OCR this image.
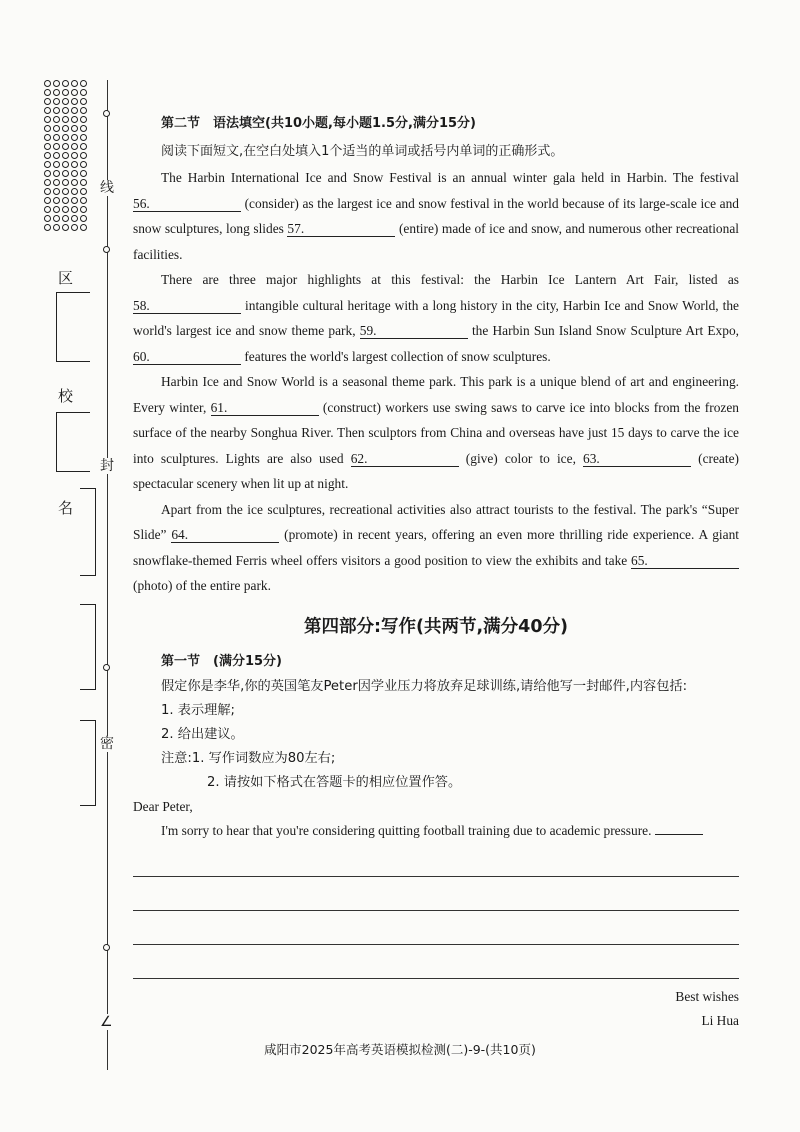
线
封
密
∠
区
校
名

第二节　语法填空(共10小题,每小题1.5分,满分15分)

阅读下面短文,在空白处填入1个适当的单词或括号内单词的正确形式。

The Harbin International Ice and Snow Festival is an annual winter gala held in Harbin. The festival 56.	(consider) as the largest ice and snow festival in the world because of its large-scale ice and snow sculptures, long slides 57.	(entire) made of ice and snow, and numerous other recreational facilities.

There are three major highlights at this festival: the Harbin Ice Lantern Art Fair, listed as 58.	intangible cultural heritage with a long history in the city, Harbin Ice and Snow World, the world's largest ice and snow theme park, 59.	the Harbin Sun Island Snow Sculpture Art Expo, 60.	features the world's largest collection of snow sculptures.

Harbin Ice and Snow World is a seasonal theme park. This park is a unique blend of art and engineering. Every winter, 61.	(construct) workers use swing saws to carve ice into blocks from the frozen surface of the nearby Songhua River. Then sculptors from China and overseas have just 15 days to carve the ice into sculptures. Lights are also used 62.	(give) color to ice, 63.	(create) spectacular scenery when lit up at night.

Apart from the ice sculptures, recreational activities also attract tourists to the festival. The park's “Super Slide” 64.	(promote) in recent years, offering an even more thrilling ride experience. A giant snowflake-themed Ferris wheel offers visitors a good position to view the exhibits and take 65. (photo) of the entire park.

第四部分:写作(共两节,满分40分)

第一节　(满分15分)

假定你是李华,你的英国笔友Peter因学业压力将放弃足球训练,请给他写一封邮件,内容包括:

1. 表示理解;

2. 给出建议。

注意:1. 写作词数应为80左右;

2. 请按如下格式在答题卡的相应位置作答。

Dear Peter,

I'm sorry to hear that you're considering quitting football training due to academic pressure.

Best wishes

Li Hua

咸阳市2025年高考英语模拟检测(二)-9-(共10页)
